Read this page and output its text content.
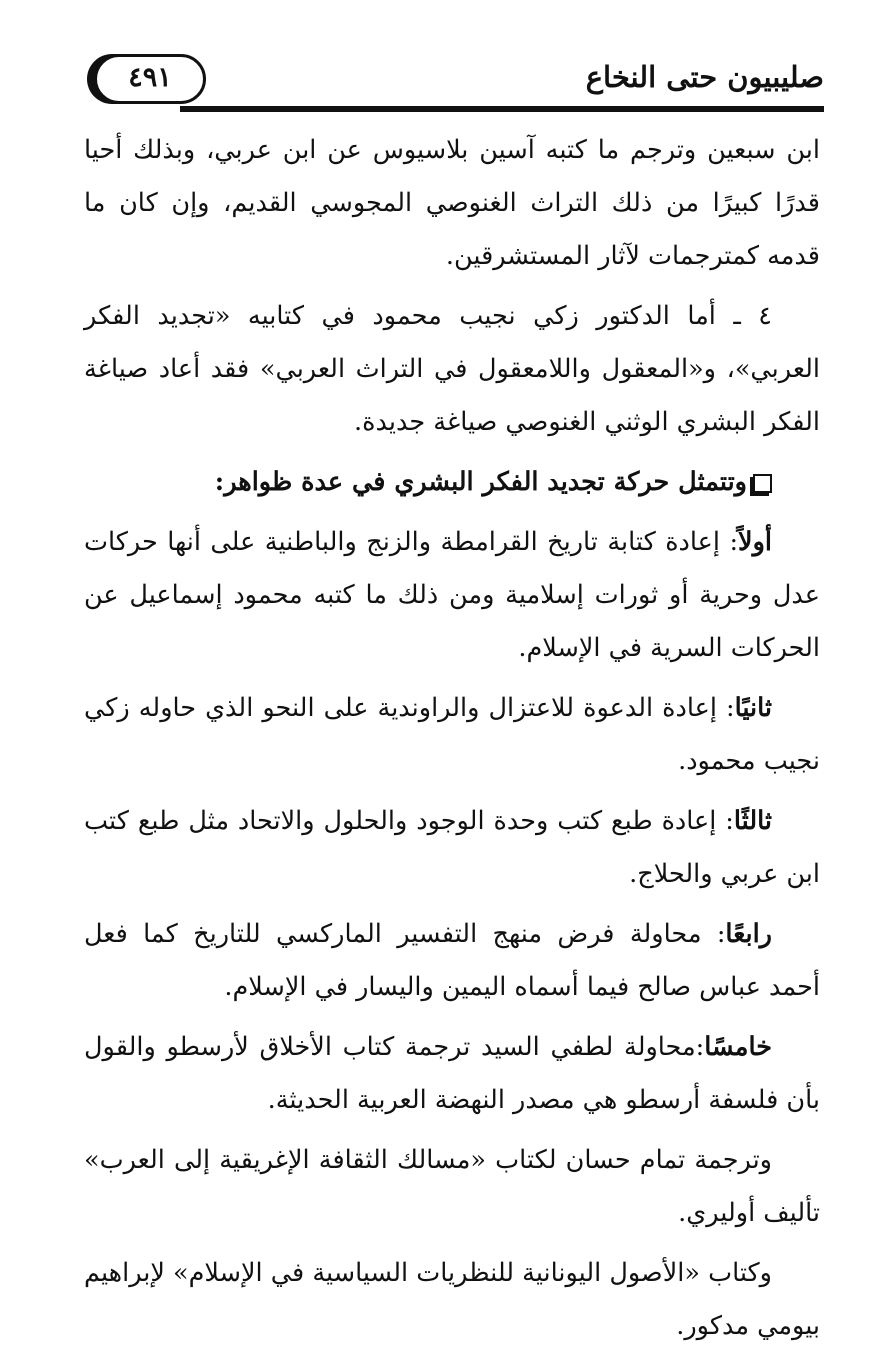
٤٩١	صليبيون حتى النخاع

ابن سبعين وترجم ما كتبه آسين بلاسيوس عن ابن عربي، وبذلك أحيا قدرًا كبيرًا من ذلك التراث الغنوصي المجوسي القديم، وإن كان ما قدمه كمترجمات لآثار المستشرقين.

٤ ـ أما الدكتور زكي نجيب محمود في كتابيه «تجديد الفكر العربي»، و«المعقول واللامعقول في التراث العربي» فقد أعاد صياغة الفكر البشري الوثني الغنوصي صياغة جديدة.

وتتمثل حركة تجديد الفكر البشري في عدة ظواهر:

أولاً: إعادة كتابة تاريخ القرامطة والزنج والباطنية على أنها حركات عدل وحرية أو ثورات إسلامية ومن ذلك ما كتبه محمود إسماعيل عن الحركات السرية في الإسلام.

ثانيًا: إعادة الدعوة للاعتزال والراوندية على النحو الذي حاوله زكي نجيب محمود.

ثالثًا: إعادة طبع كتب وحدة الوجود والحلول والاتحاد مثل طبع كتب ابن عربي والحلاج.

رابعًا: محاولة فرض منهج التفسير الماركسي للتاريخ كما فعل أحمد عباس صالح فيما أسماه اليمين واليسار في الإسلام.

خامسًا:محاولة لطفي السيد ترجمة كتاب الأخلاق لأرسطو والقول بأن فلسفة أرسطو هي مصدر النهضة العربية الحديثة.

وترجمة تمام حسان لكتاب «مسالك الثقافة الإغريقية إلى العرب» تأليف أوليري.

وكتاب «الأصول اليونانية للنظريات السياسية في الإسلام» لإبراهيم بيومي مدكور.
